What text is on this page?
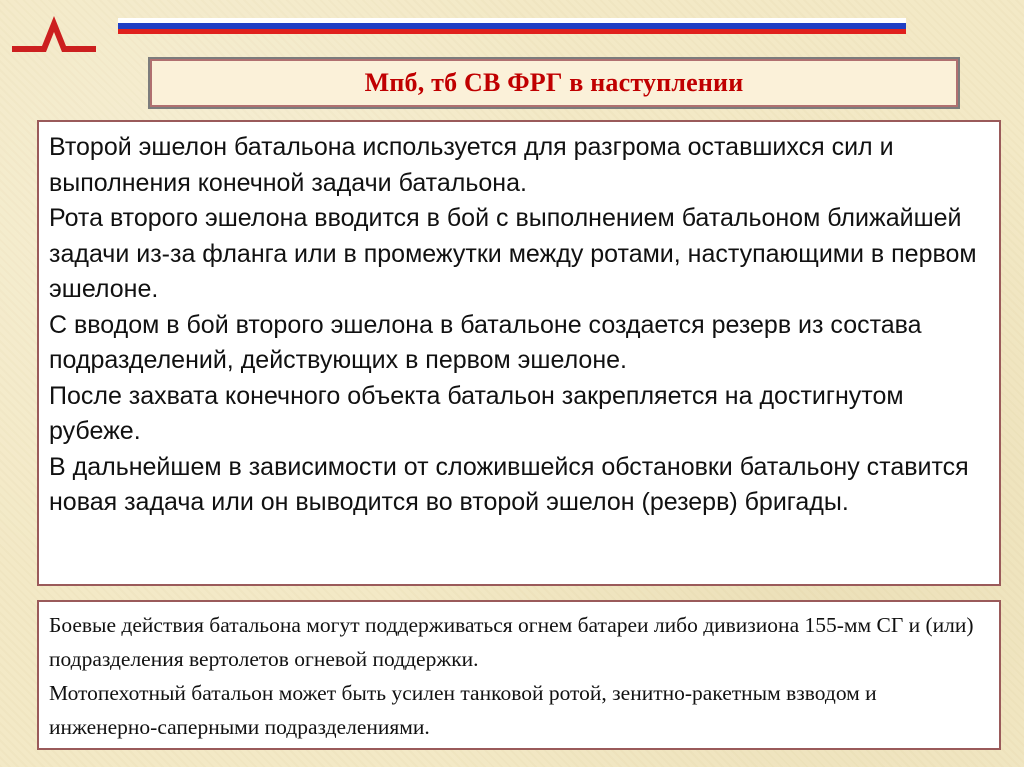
Мпб, тб СВ ФРГ в наступлении

Второй эшелон батальона используется для разгрома оставшихся сил и выполнения конечной задачи батальона.

Рота второго эшелона вводится в бой с выполнением батальоном ближайшей задачи из-за фланга или в промежутки между ротами, наступающими в первом эшелоне.

С вводом в бой второго эшелона в батальоне создается резерв из состава подразделений, действующих в первом эшелоне.

После захвата конечного объекта батальон закрепляется на достигнутом рубеже.

В дальнейшем в зависимости от сложившейся обстановки батальону ставится новая задача или он выводится во второй эшелон (резерв) бригады.

Боевые действия батальона могут поддерживаться огнем батареи либо дивизиона 155-мм СГ и (или) подразделения вертолетов огневой поддержки.

Мотопехотный батальон может быть усилен танковой ротой, зенитно-ракетным взводом и инженерно-саперными подразделениями.
